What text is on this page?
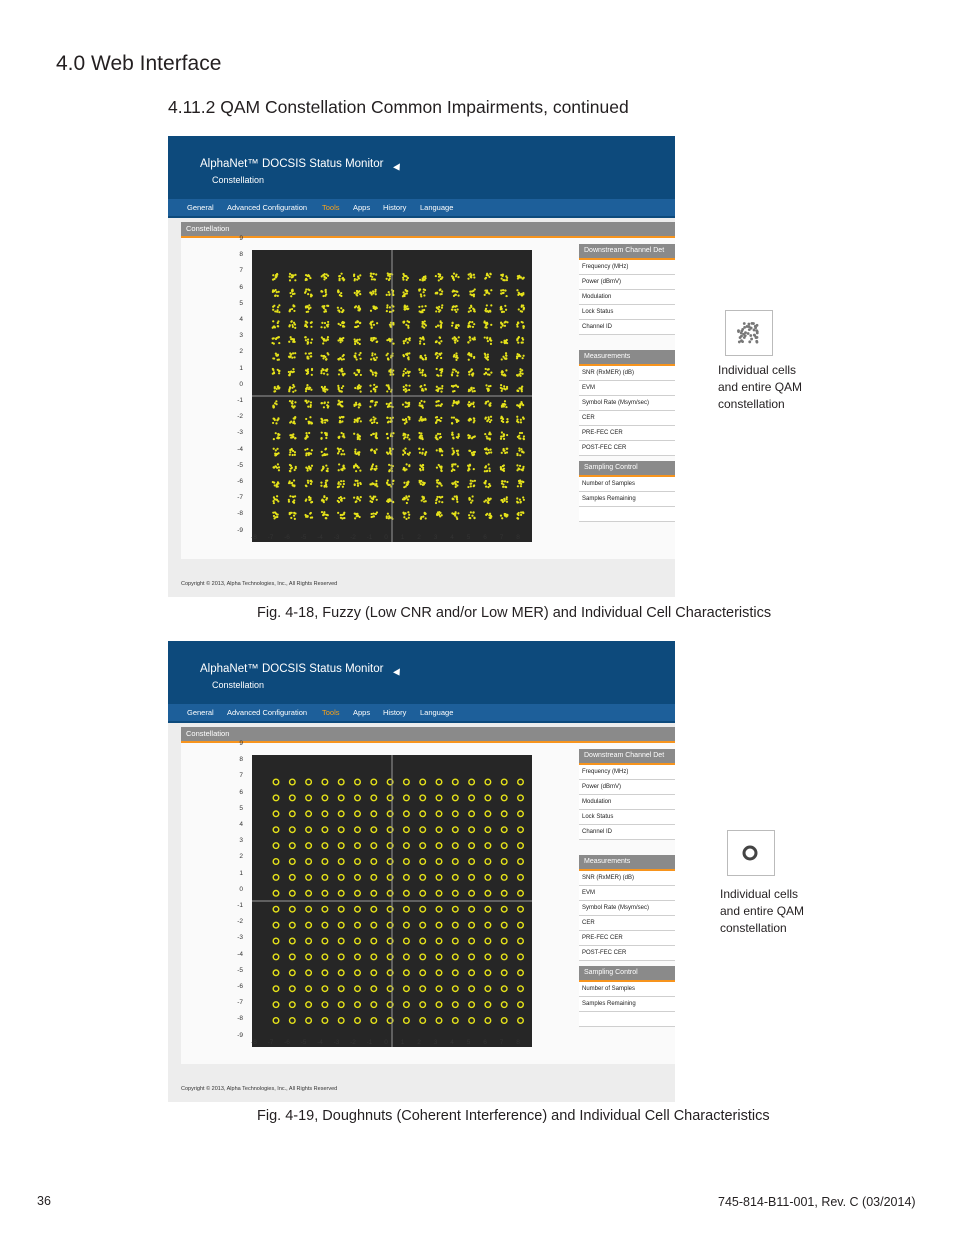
4.0 Web Interface
4.11.2 QAM Constellation Common Impairments, continued
AlphaNet™ DOCSIS Status Monitor
Constellation
General Advanced Configuration Tools Apps History Language
Constellation
9
8
7
6
5
4
3
2
1
0
-1
-2
-3
-4
-5
-6
-7
-8
-9
-8	-7	-6	-5	-4	-3	-2	-1	0	1	2	3	4	5	6	7	8
Downstream Channel Det
Frequency (MHz)
Power (dBmV)
Modulation
Lock Status
Channel ID
Measurements
SNR (RxMER) (dB)
EVM
Symbol Rate (Msym/sec)
CER
PRE-FEC CER
POST-FEC CER
Sampling Control
Number of Samples
Samples Remaining
Copyright © 2013, Alpha Technologies, Inc., All Rights Reserved
Fig. 4-18, Fuzzy (Low CNR and/or Low MER) and Individual Cell Characteristics
Individual cells and entire QAM constellation
AlphaNet™ DOCSIS Status Monitor
Constellation
General Advanced Configuration Tools Apps History Language
Constellation
9
8
7
6
5
4
3
2
1
0
-1
-2
-3
-4
-5
-6
-7
-8
-9
-8	-7	-6	-5	-4	-3	-2	-1	0	1	2	3	4	5	6	7	8
Downstream Channel Det
Frequency (MHz)
Power (dBmV)
Modulation
Lock Status
Channel ID
Measurements
SNR (RxMER) (dB)
EVM
Symbol Rate (Msym/sec)
CER
PRE-FEC CER
POST-FEC CER
Sampling Control
Number of Samples
Samples Remaining
Copyright © 2013, Alpha Technologies, Inc., All Rights Reserved
Fig. 4-19, Doughnuts (Coherent Interference) and Individual Cell Characteristics
Individual cells and entire QAM constellation
36	745-814-B11-001, Rev. C (03/2014)
